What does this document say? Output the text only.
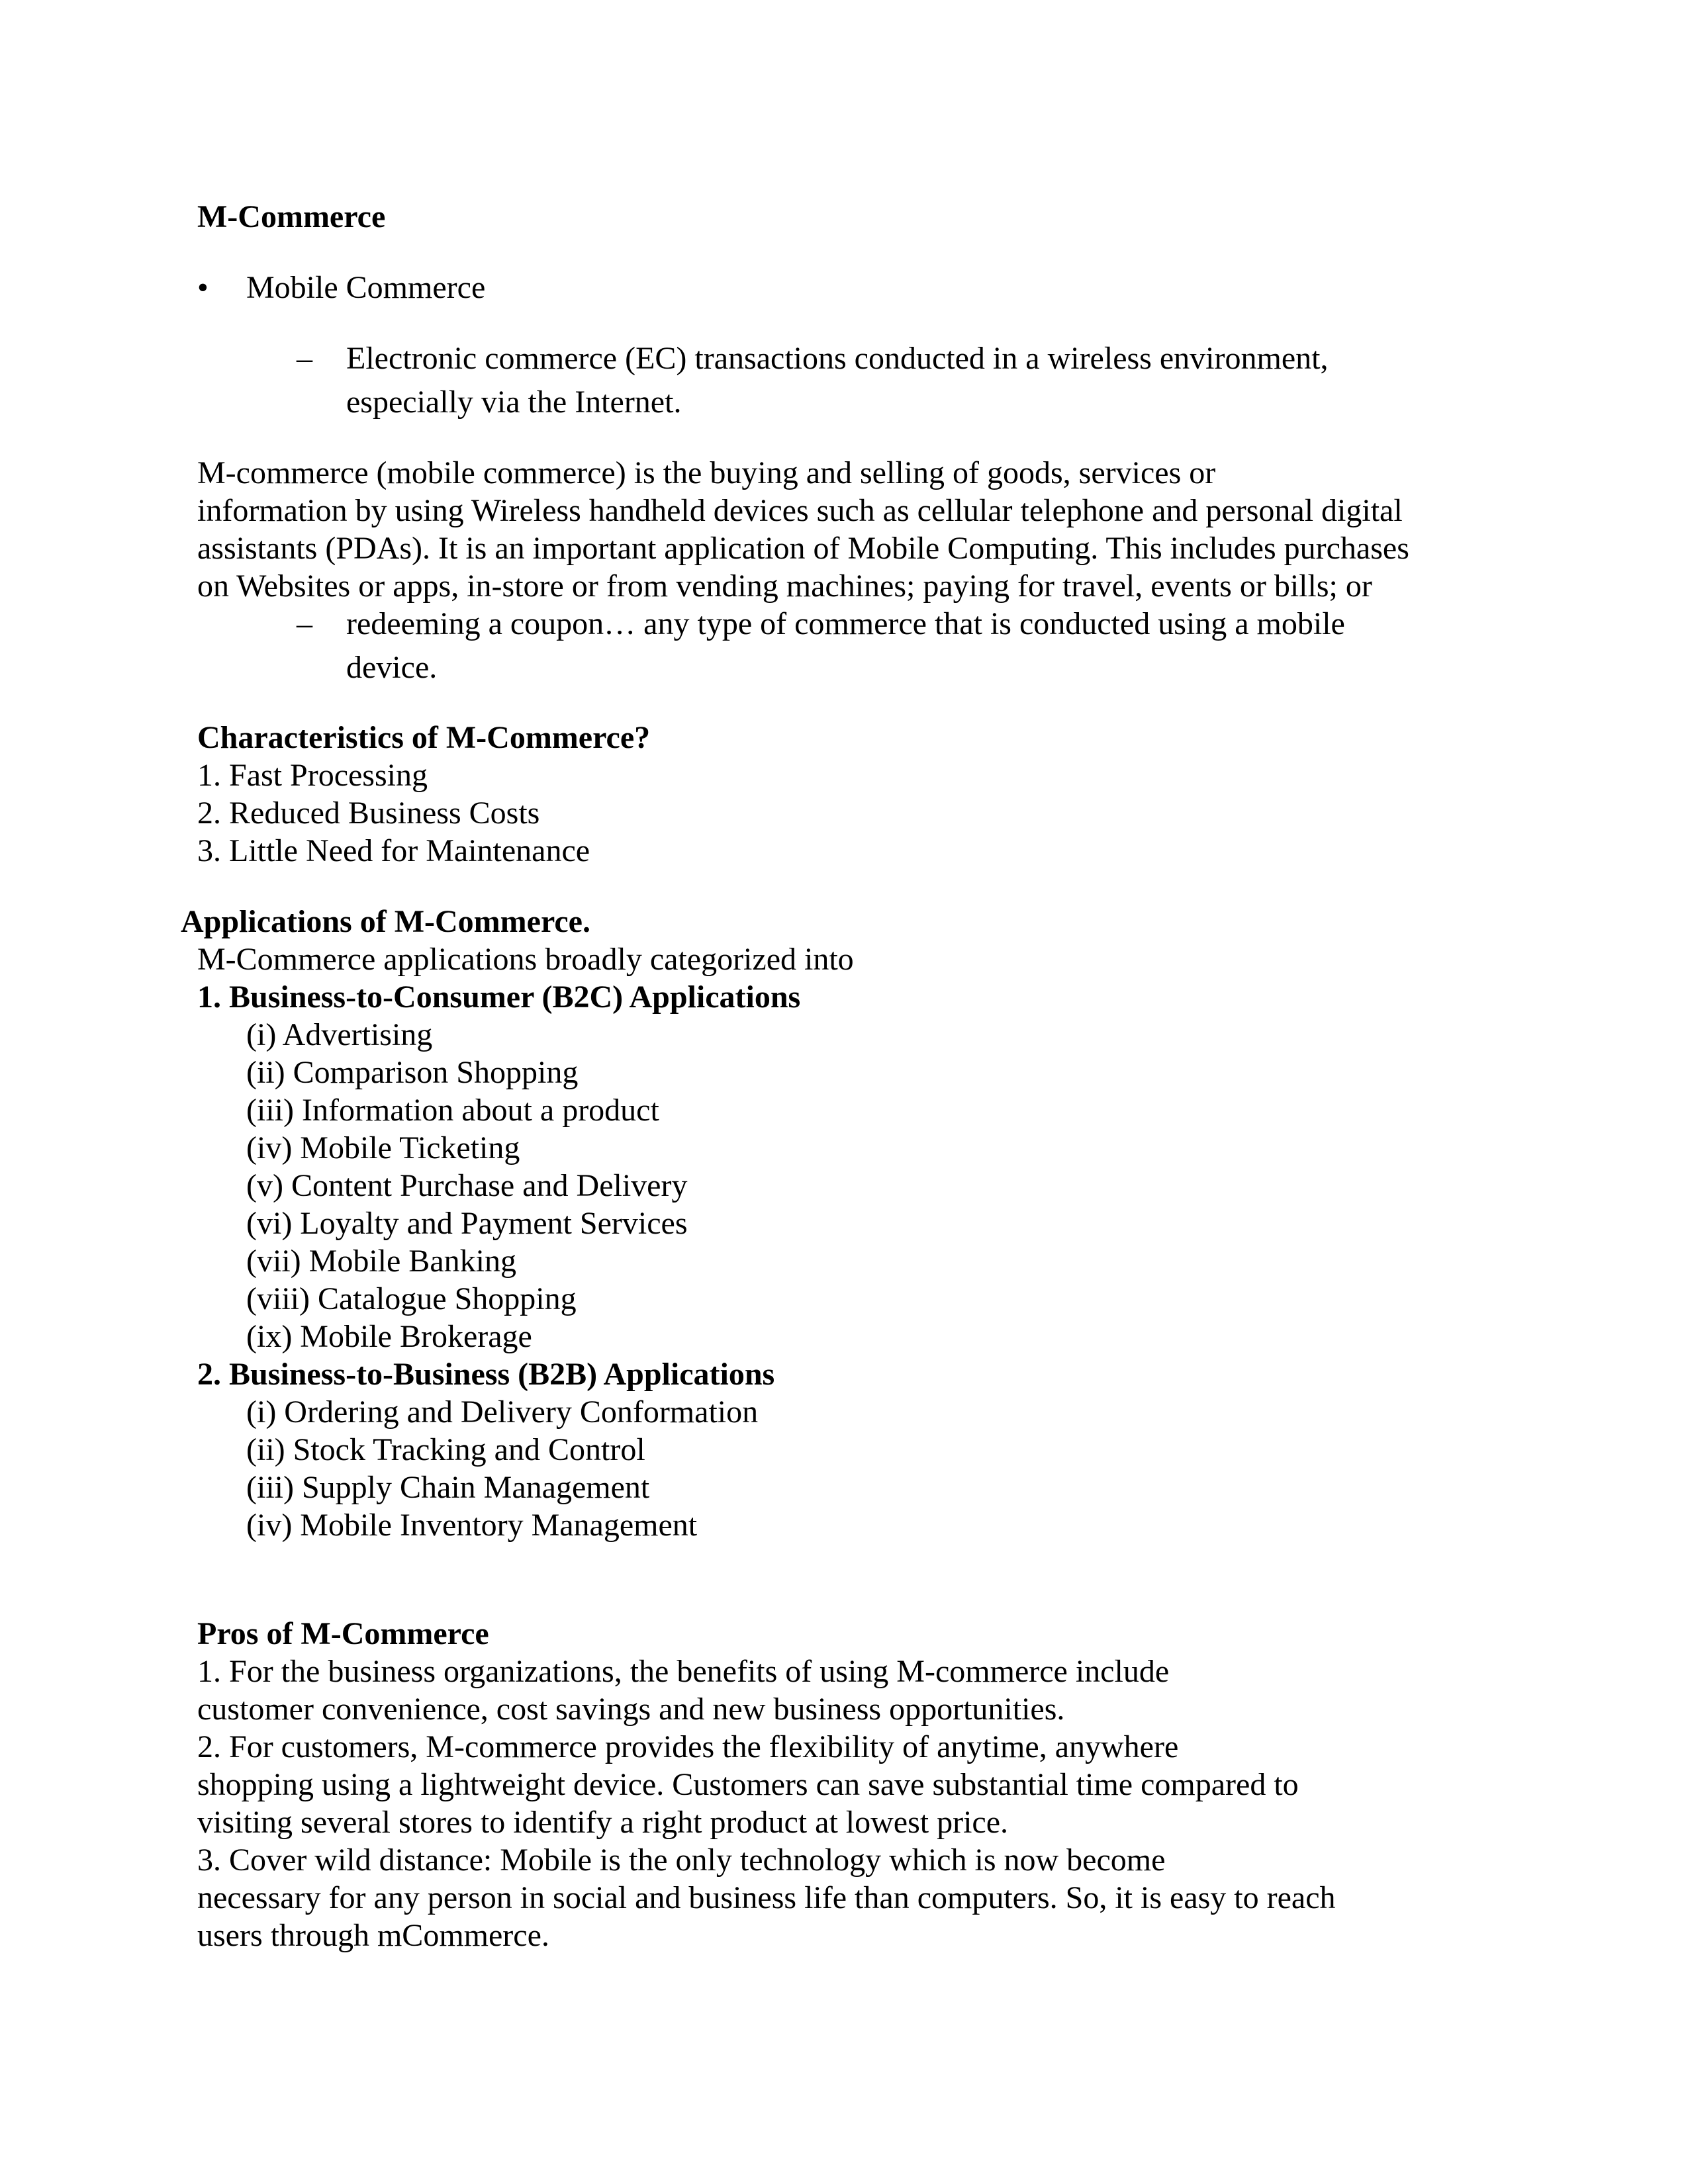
M-Commerce
• Mobile Commerce
– Electronic commerce (EC) transactions conducted in a wireless environment,
especially via the Internet.
M-commerce (mobile commerce) is the buying and selling of goods, services or
information by using Wireless handheld devices such as cellular telephone and personal digital
assistants (PDAs). It is an important application of Mobile Computing. This includes purchases
on Websites or apps, in-store or from vending machines; paying for travel, events or bills; or
– redeeming a coupon… any type of commerce that is conducted using a mobile
device.
Characteristics of M-Commerce?
1. Fast Processing
2. Reduced Business Costs
3. Little Need for Maintenance
Applications of M-Commerce.
M-Commerce applications broadly categorized into
1. Business-to-Consumer (B2C) Applications
(i) Advertising
(ii) Comparison Shopping
(iii) Information about a product
(iv) Mobile Ticketing
(v) Content Purchase and Delivery
(vi) Loyalty and Payment Services
(vii) Mobile Banking
(viii) Catalogue Shopping
(ix) Mobile Brokerage
2. Business-to-Business (B2B) Applications
(i) Ordering and Delivery Conformation
(ii) Stock Tracking and Control
(iii) Supply Chain Management
(iv) Mobile Inventory Management
Pros of M-Commerce
1. For the business organizations, the benefits of using M-commerce include
customer convenience, cost savings and new business opportunities.
2. For customers, M-commerce provides the flexibility of anytime, anywhere
shopping using a lightweight device. Customers can save substantial time compared to
visiting several stores to identify a right product at lowest price.
3. Cover wild distance: Mobile is the only technology which is now become
necessary for any person in social and business life than computers. So, it is easy to reach
users through mCommerce.
